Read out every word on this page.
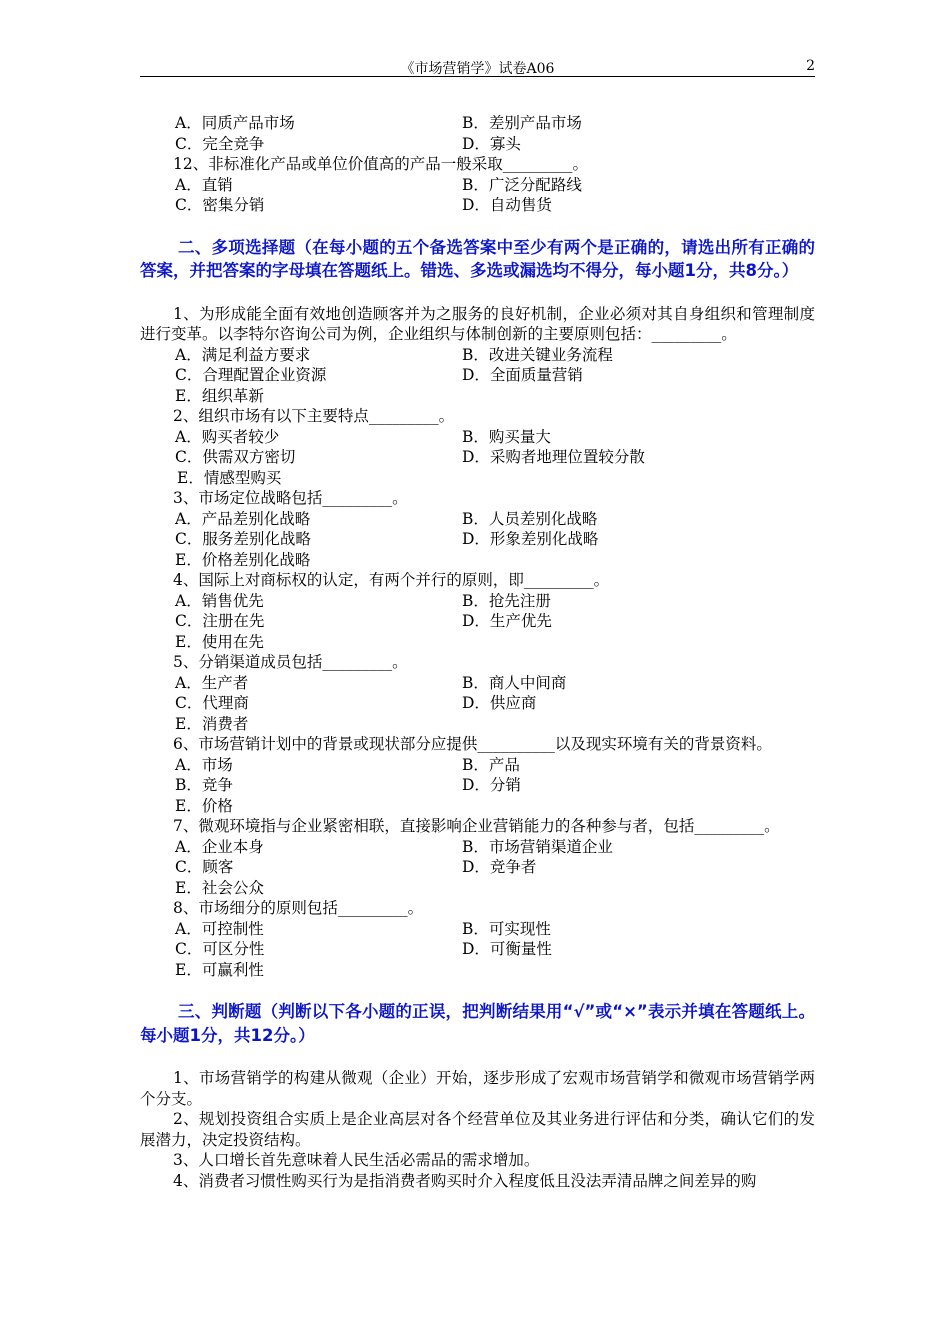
《市场营销学》试卷A06	2
A．同质产品市场	B．差别产品市场
C．完全竞争	D．寡头
12、非标准化产品或单位价值高的产品一般采取_________。
A．直销	B．广泛分配路线
C．密集分销	D．自动售货
二、多项选择题（在每小题的五个备选答案中至少有两个是正确的，请选出所有正确的答案，并把答案的字母填在答题纸上。错选、多选或漏选均不得分，每小题1分，共8分。）
1、为形成能全面有效地创造顾客并为之服务的良好机制，企业必须对其自身组织和管理制度进行变革。以李特尔咨询公司为例，企业组织与体制创新的主要原则包括：_________。
A．满足利益方要求	B．改进关键业务流程
C．合理配置企业资源	D．全面质量营销
E．组织革新
2、组织市场有以下主要特点_________。
A．购买者较少	B．购买量大
C．供需双方密切	D．采购者地理位置较分散
E．情感型购买
3、市场定位战略包括_________。
A．产品差别化战略	B．人员差别化战略
C．服务差别化战略	D．形象差别化战略
E．价格差别化战略
4、国际上对商标权的认定，有两个并行的原则，即_________。
A．销售优先	B．抢先注册
C．注册在先	D．生产优先
E．使用在先
5、分销渠道成员包括_________。
A．生产者	B．商人中间商
C．代理商	D．供应商
E．消费者
6、市场营销计划中的背景或现状部分应提供__________以及现实环境有关的背景资料。
A．市场	B．产品
B．竞争	D．分销
E．价格
7、微观环境指与企业紧密相联，直接影响企业营销能力的各种参与者，包括_________。
A．企业本身	B．市场营销渠道企业
C．顾客	D．竞争者
E．社会公众
8、市场细分的原则包括_________。
A．可控制性	B．可实现性
C．可区分性	D．可衡量性
E．可赢利性
三、判断题（判断以下各小题的正误，把判断结果用“√”或“×”表示并填在答题纸上。每小题1分，共12分。）
1、市场营销学的构建从微观（企业）开始，逐步形成了宏观市场营销学和微观市场营销学两个分支。
2、规划投资组合实质上是企业高层对各个经营单位及其业务进行评估和分类，确认它们的发展潜力，决定投资结构。
3、人口增长首先意味着人民生活必需品的需求增加。
4、消费者习惯性购买行为是指消费者购买时介入程度低且没法弄清品牌之间差异的购
